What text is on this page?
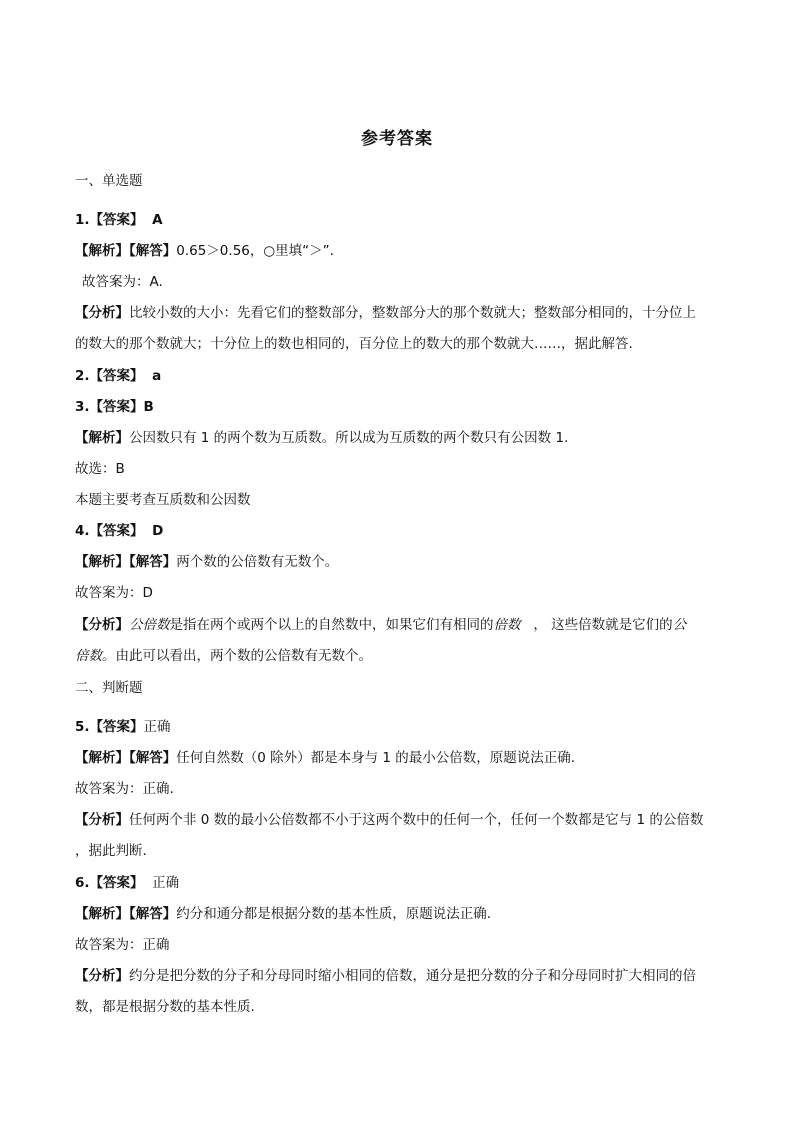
参考答案
一、单选题
1.【答案】 A
【解析】【解答】0.65＞0.56，○里填“＞”.
故答案为：A.
【分析】比较小数的大小：先看它们的整数部分，整数部分大的那个数就大；整数部分相同的，十分位上
的数大的那个数就大；十分位上的数也相同的，百分位上的数大的那个数就大……，据此解答.
2.【答案】 a
3.【答案】B
【解析】公因数只有 1 的两个数为互质数。所以成为互质数的两个数只有公因数 1.
故选：B
本题主要考查互质数和公因数
4.【答案】 D
【解析】【解答】两个数的公倍数有无数个。
故答案为：D
【分析】公倍数是指在两个或两个以上的自然数中，如果它们有相同的倍数 ， 这些倍数就是它们的公
倍数。由此可以看出，两个数的公倍数有无数个。
二、判断题
5.【答案】正确
【解析】【解答】任何自然数（0 除外）都是本身与 1 的最小公倍数，原题说法正确.
故答案为：正确.
【分析】任何两个非 0 数的最小公倍数都不小于这两个数中的任何一个，任何一个数都是它与 1 的公倍数
，据此判断.
6.【答案】 正确
【解析】【解答】约分和通分都是根据分数的基本性质，原题说法正确.
故答案为：正确
【分析】约分是把分数的分子和分母同时缩小相同的倍数，通分是把分数的分子和分母同时扩大相同的倍
数，都是根据分数的基本性质.
